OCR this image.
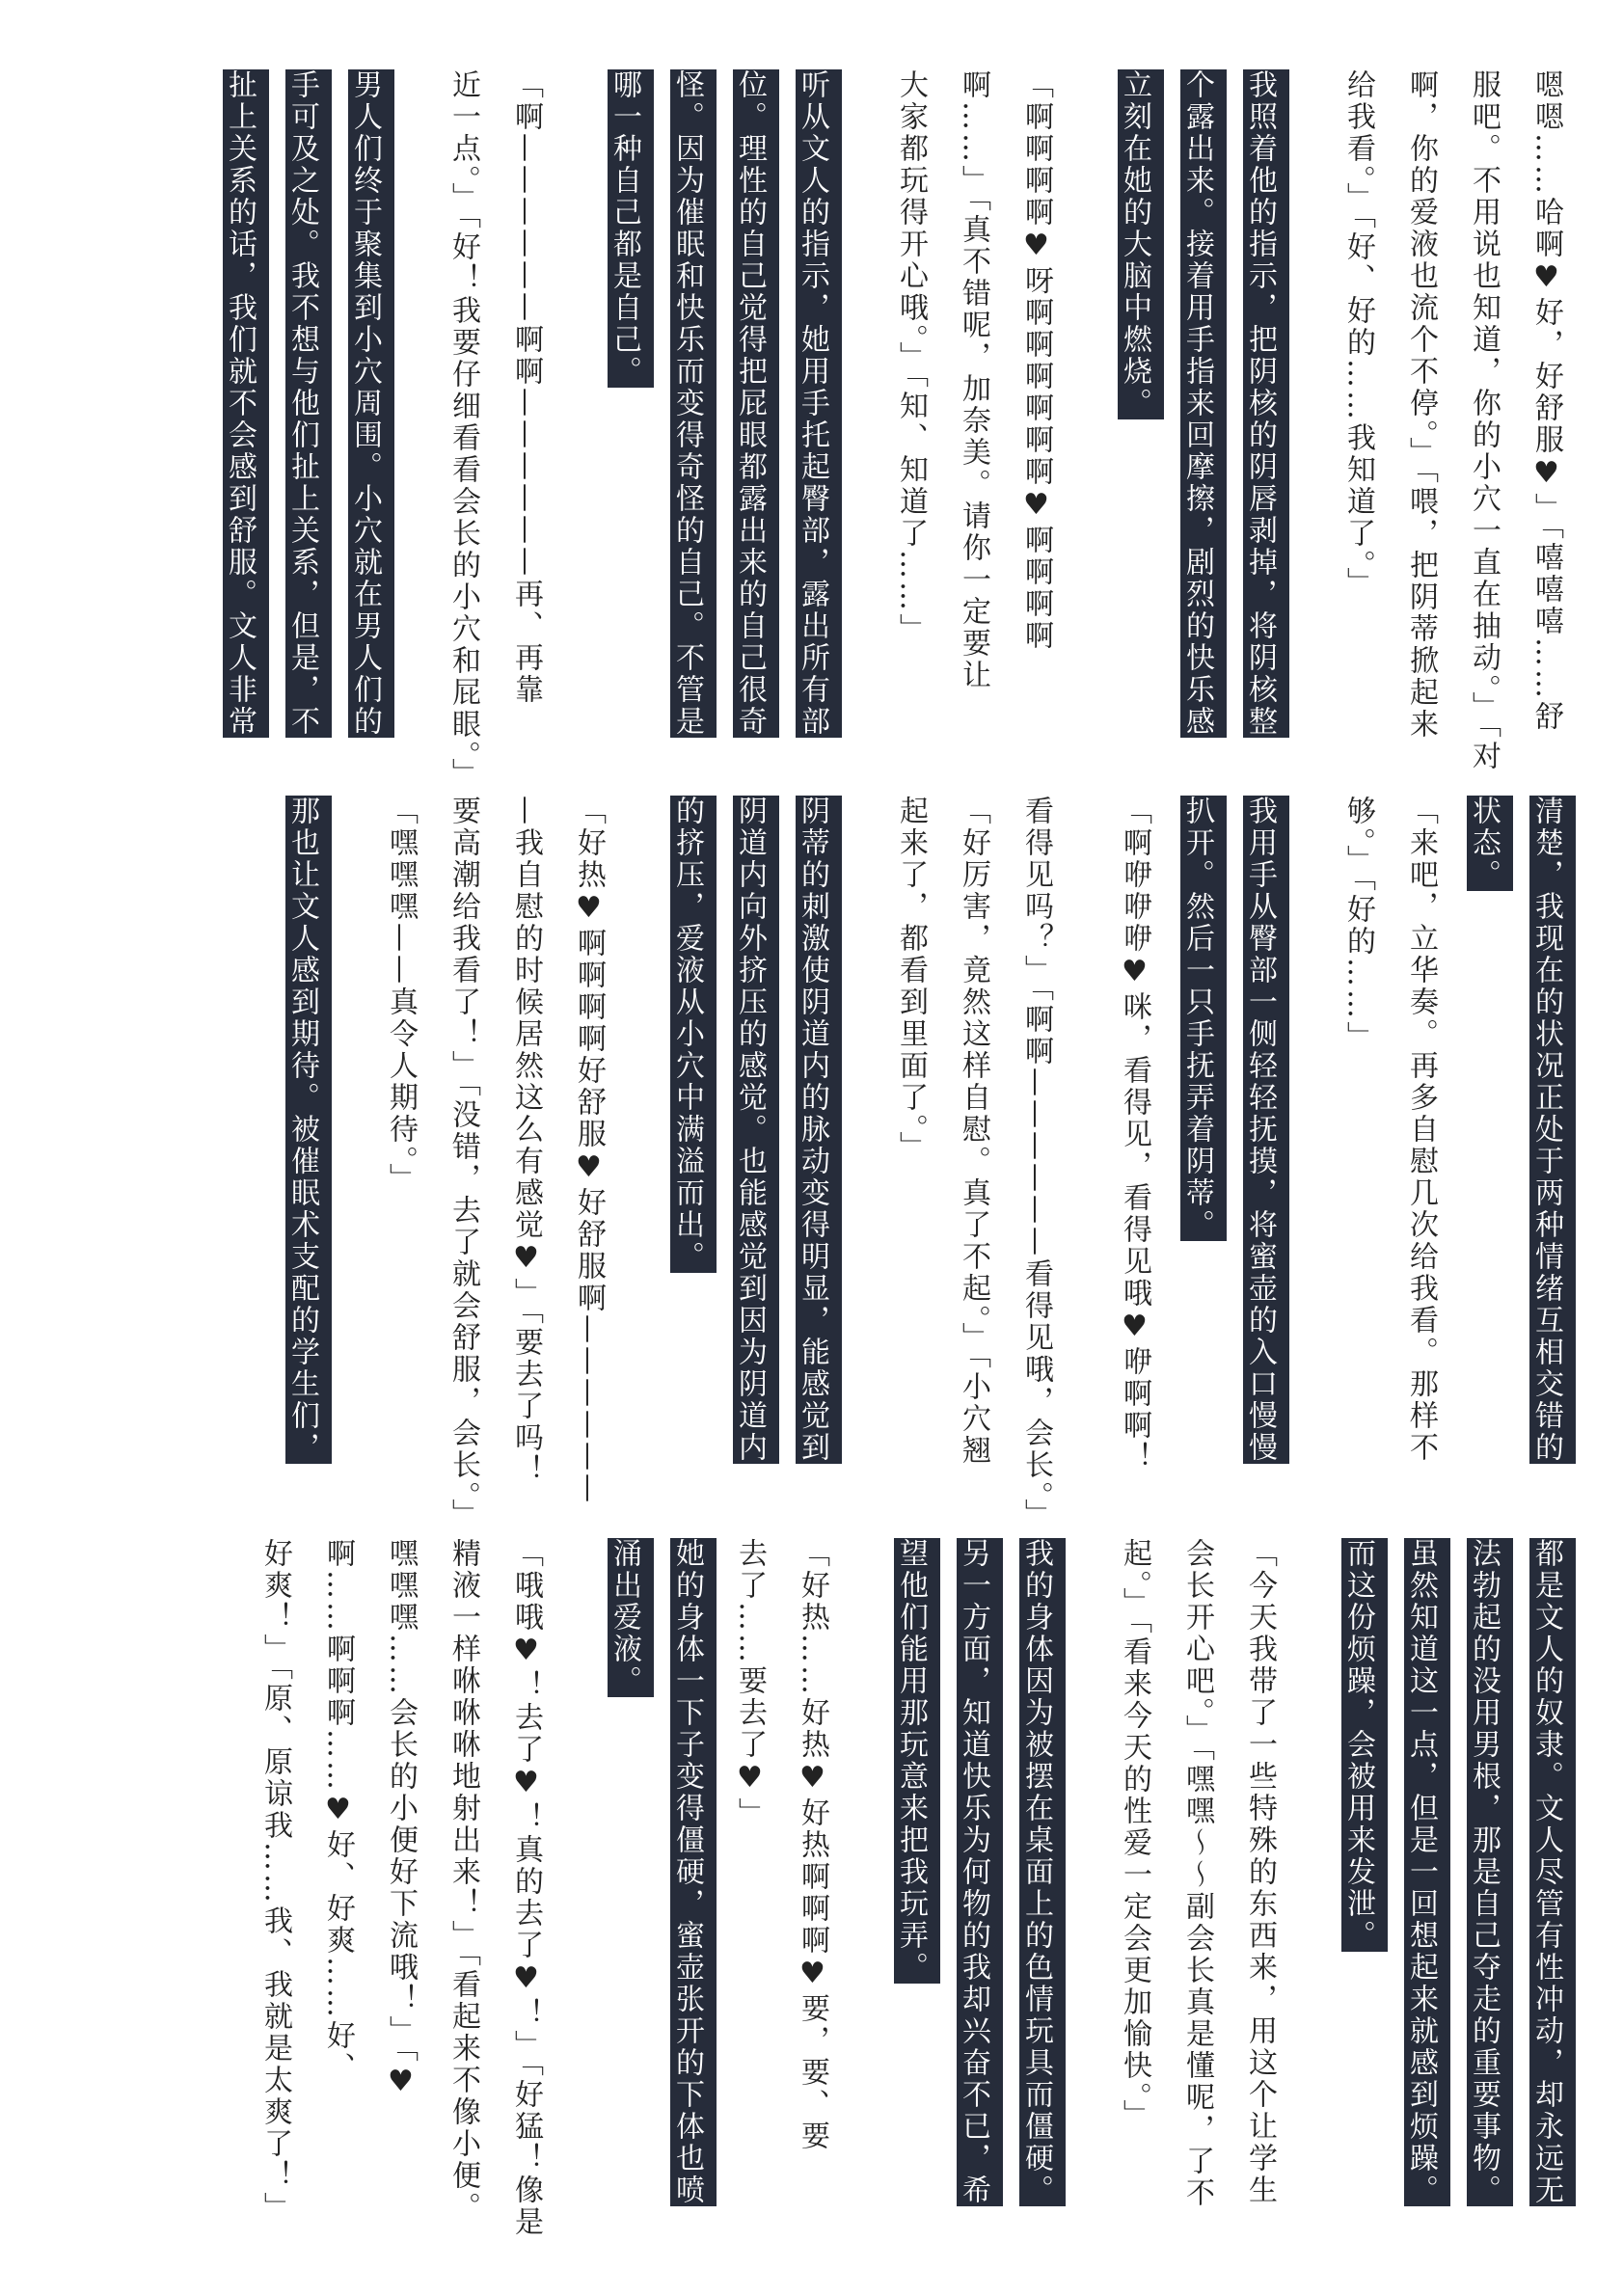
嗯嗯……哈啊♥好，好舒服♥」「嘻嘻嘻……舒
服吧。不用说也知道，你的小穴一直在抽动。」「对
啊，你的爱液也流个不停。」「喂，把阴蒂掀起来
给我看。」「好、好的……我知道了。」
我照着他的指示，把阴核的阴唇剥掉，将阴核整
个露出来。接着用手指来回摩擦，剧烈的快乐感
立刻在她的大脑中燃烧。
「啊啊啊啊♥呀啊啊啊啊啊啊♥啊啊啊啊
啊……」「真不错呢，加奈美。请你一定要让
大家都玩得开心哦。」「知、知道了……」
听从文人的指示，她用手托起臀部，露出所有部
位。理性的自己觉得把屁眼都露出来的自己很奇
怪。因为催眠和快乐而变得奇怪的自己。不管是
哪一种自己都是自己。
「啊——————啊啊——————再、再靠
近一点。」「好！我要仔细看看会长的小穴和屁眼。」
男人们终于聚集到小穴周围。小穴就在男人们的
手可及之处。我不想与他们扯上关系，但是，不
扯上关系的话，我们就不会感到舒服。文人非常
清楚，我现在的状况正处于两种情绪互相交错的
状态。
「来吧，立华奏。再多自慰几次给我看。那样不
够。」「好的……」
我用手从臀部一侧轻轻抚摸，将蜜壶的入口慢慢
扒开。然后一只手抚弄着阴蒂。
「啊咿咿咿♥咪，看得见，看得见哦♥咿啊啊！
看得见吗？」「啊啊——————看得见哦，会长。」
「好厉害，竟然这样自慰。真了不起。」「小穴翘
起来了，都看到里面了。」
阴蒂的刺激使阴道内的脉动变得明显，能感觉到
阴道内向外挤压的感觉。也能感觉到因为阴道内
的挤压，爱液从小穴中满溢而出。
「好热♥啊啊啊啊好舒服♥好舒服啊——————
—我自慰的时候居然这么有感觉♥」「要去了吗！
要高潮给我看了！」「没错，去了就会舒服，会长。」
「嘿嘿嘿——真令人期待。」
那也让文人感到期待。被催眠术支配的学生们，
都是文人的奴隶。文人尽管有性冲动，却永远无
法勃起的没用男根，那是自己夺走的重要事物。
虽然知道这一点，但是一回想起来就感到烦躁。
而这份烦躁，会被用来发泄。
「今天我带了一些特殊的东西来，用这个让学生
会长开心吧。」「嘿嘿～～副会长真是懂呢，了不
起。」「看来今天的性爱一定会更加愉快。」
我的身体因为被摆在桌面上的色情玩具而僵硬。
另一方面，知道快乐为何物的我却兴奋不已，希
望他们能用那玩意来把我玩弄。
「好热……好热♥好热啊啊啊♥要，要、要
去了……要去了♥」
她的身体一下子变得僵硬，蜜壶张开的下体也喷
涌出爱液。
「哦哦♥！去了♥！真的去了♥！」「好猛！像是
精液一样咻咻咻地射出来！」「看起来不像小便。
嘿嘿嘿……会长的小便好下流哦！」「♥
啊……啊啊啊……♥好、好爽……好、
好爽！」「原、原谅我……我、我就是太爽了！」
